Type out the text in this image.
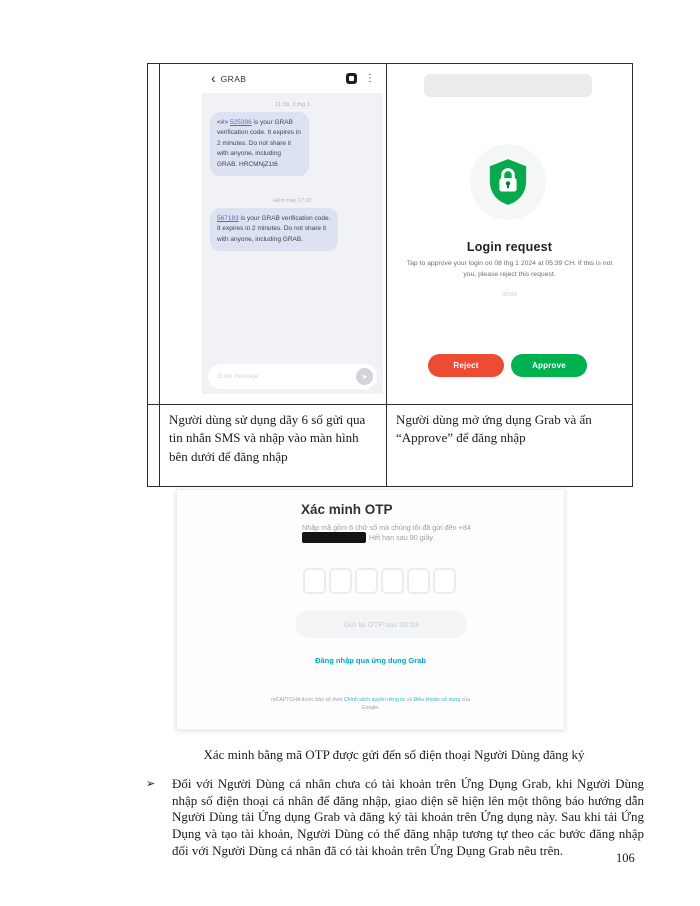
‹ GRAB	⋮
11:58, 3 thg 1
<#> 525396 is your GRAB verification code. It expires in 2 minutes. Do not share it with anyone, including GRAB. HRCMNjZ1t6
Hôm nay 17:37
567183 is your GRAB verification code. It expires in 2 minutes. Do not share it with anyone, including GRAB.
Enter message	➤

Login request
Tap to approve your login on 08 thg 1 2024 at 05:39 CH. If this is not you, please reject this request.
00:59
Reject	Approve

	Người dùng sử dụng dãy 6 số gửi qua tin nhắn SMS và nhập vào màn hình bên dưới để đăng nhập	Người dùng mở ứng dụng Grab và ấn “Approve” để đăng nhập
Xác minh OTP
Nhập mã gồm 6 chữ số mà chúng tôi đã gửi đến +84
Hết hạn sau 90 giây.
Gửi lại OTP sau 00:53
Đăng nhập qua ứng dụng Grab
reCAPTCHA được bảo vệ theo Chính sách quyền riêng tư và Điều khoản sử dụng của
Google.
Xác minh bằng mã OTP được gửi đến số điện thoại Người Dùng đăng ký
➢ Đối với Người Dùng cá nhân chưa có tài khoản trên Ứng Dụng Grab, khi Người Dùng nhập số điện thoại cá nhân để đăng nhập, giao diện sẽ hiện lên một thông báo hướng dẫn Người Dùng tải Ứng dụng Grab và đăng ký tài khoản trên Ứng dụng này. Sau khi tải Ứng Dụng và tạo tài khoản, Người Dùng có thể đăng nhập tương tự theo các bước đăng nhập đối với Người Dùng cá nhân đã có tài khoản trên Ứng Dụng Grab nêu trên.
106
